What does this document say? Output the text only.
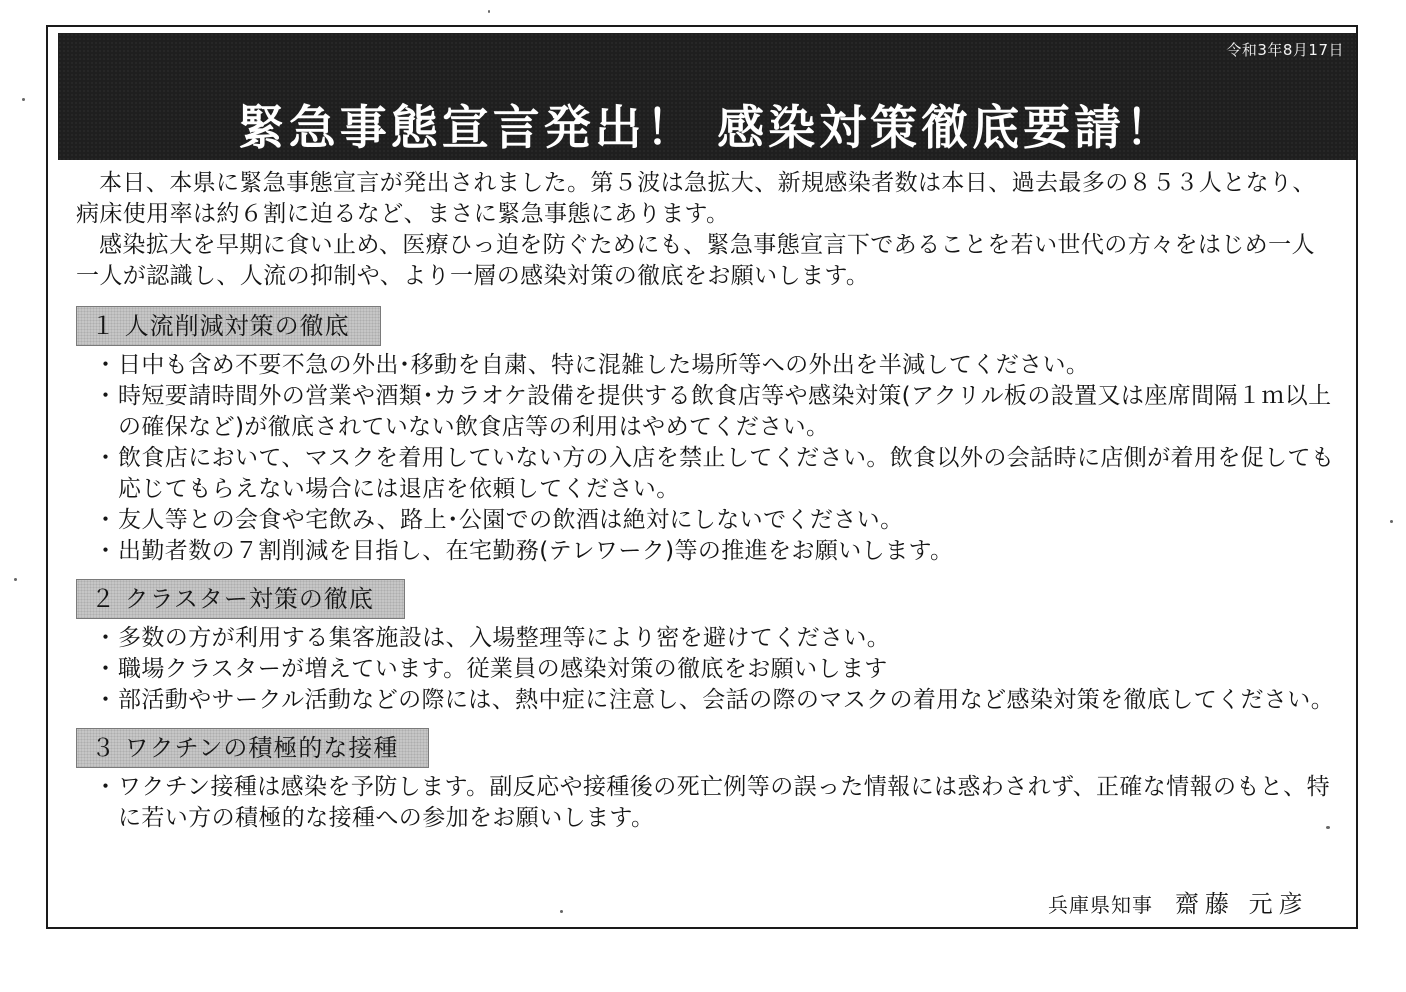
令和3年8月17日
緊急事態宣言発出！ 感染対策徹底要請！

本日、本県に緊急事態宣言が発出されました。第５波は急拡大、新規感染者数は本日、過去最多の８５３人となり、病床使用率は約６割に迫るなど、まさに緊急事態にあります。

感染拡大を早期に食い止め、医療ひっ迫を防ぐためにも、緊急事態宣言下であることを若い世代の方々をはじめ一人一人が認識し、人流の抑制や、より一層の感染対策の徹底をお願いします。

１ 人流削減対策の徹底
・ 日中も含め不要不急の外出･移動を自粛、特に混雑した場所等への外出を半減してください。
・ 時短要請時間外の営業や酒類･カラオケ設備を提供する飲食店等や感染対策(アクリル板の設置又は座席間隔１ｍ以上の確保など)が徹底されていない飲食店等の利用はやめてください。
・ 飲食店において、マスクを着用していない方の入店を禁止してください。飲食以外の会話時に店側が着用を促しても応じてもらえない場合には退店を依頼してください。
・ 友人等との会食や宅飲み、路上･公園での飲酒は絶対にしないでください。
・ 出勤者数の７割削減を目指し、在宅勤務(テレワーク)等の推進をお願いします。
２ クラスター対策の徹底
・ 多数の方が利用する集客施設は、入場整理等により密を避けてください。
・ 職場クラスターが増えています。従業員の感染対策の徹底をお願いします
・ 部活動やサークル活動などの際には、熱中症に注意し、会話の際のマスクの着用など感染対策を徹底してください。
３ ワクチンの積極的な接種
・ ワクチン接種は感染を予防します。副反応や接種後の死亡例等の誤った情報には惑わされず、正確な情報のもと、特に若い方の積極的な接種への参加をお願いします。
兵庫県知事 齋藤 元彦
